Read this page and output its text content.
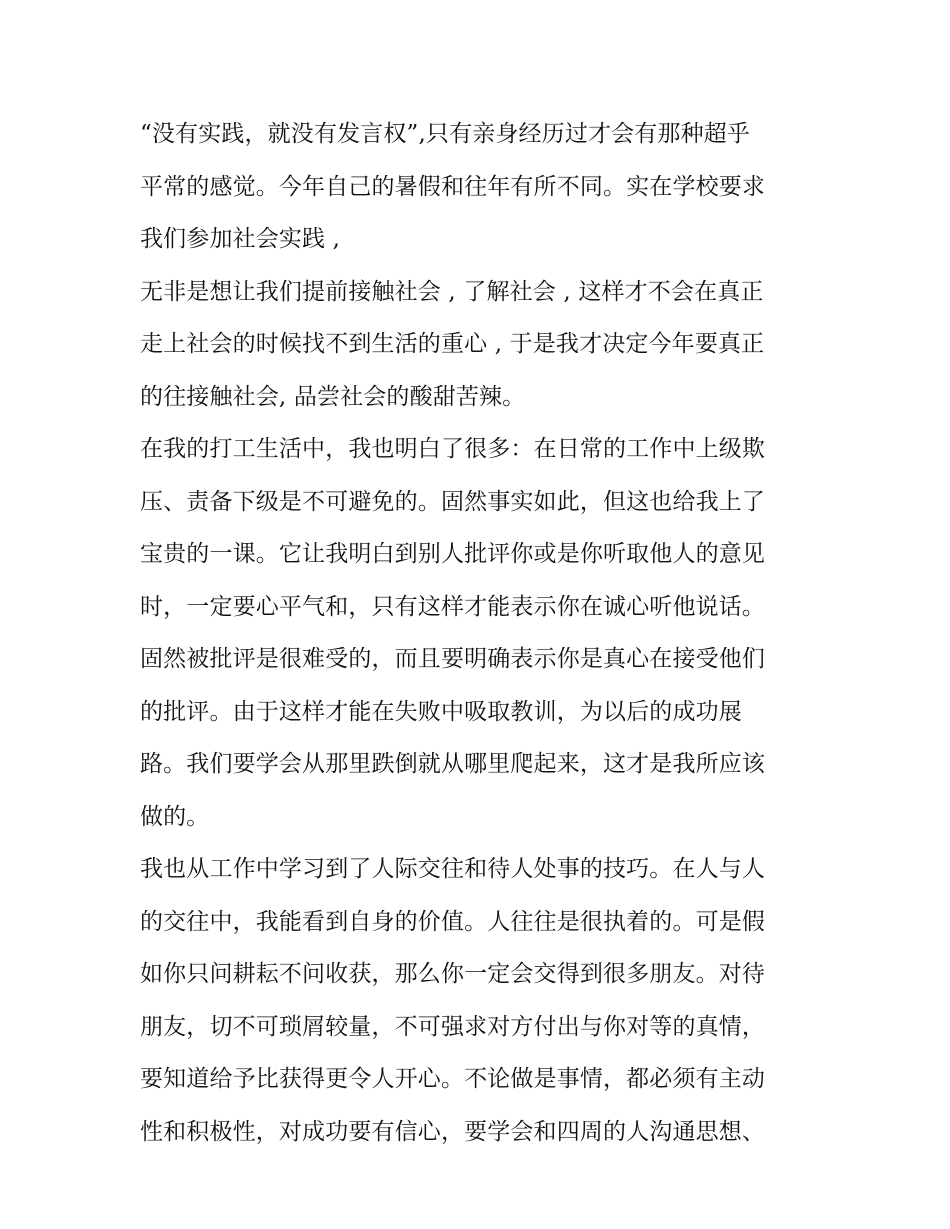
“没有实践，就没有发言权”,只有亲身经历过才会有那种超乎
平常的感觉。今年自己的暑假和往年有所不同。实在学校要求
我们参加社会实践 ,
无非是想让我们提前接触社会 , 了解社会 , 这样才不会在真正
走上社会的时候找不到生活的重心 , 于是我才决定今年要真正
的往接触社会, 品尝社会的酸甜苦辣。
在我的打工生活中，我也明白了很多：在日常的工作中上级欺
压、责备下级是不可避免的。固然事实如此，但这也给我上了
宝贵的一课。它让我明白到别人批评你或是你听取他人的意见
时，一定要心平气和，只有这样才能表示你在诚心听他说话。
固然被批评是很难受的，而且要明确表示你是真心在接受他们
的批评。由于这样才能在失败中吸取教训，为以后的成功展
路。我们要学会从那里跌倒就从哪里爬起来，这才是我所应该
做的。
我也从工作中学习到了人际交往和待人处事的技巧。在人与人
的交往中，我能看到自身的价值。人往往是很执着的。可是假
如你只问耕耘不问收获，那么你一定会交得到很多朋友。对待
朋友，切不可琐屑较量，不可强求对方付出与你对等的真情，
要知道给予比获得更令人开心。不论做是事情，都必须有主动
性和积极性，对成功要有信心，要学会和四周的人沟通思想、
